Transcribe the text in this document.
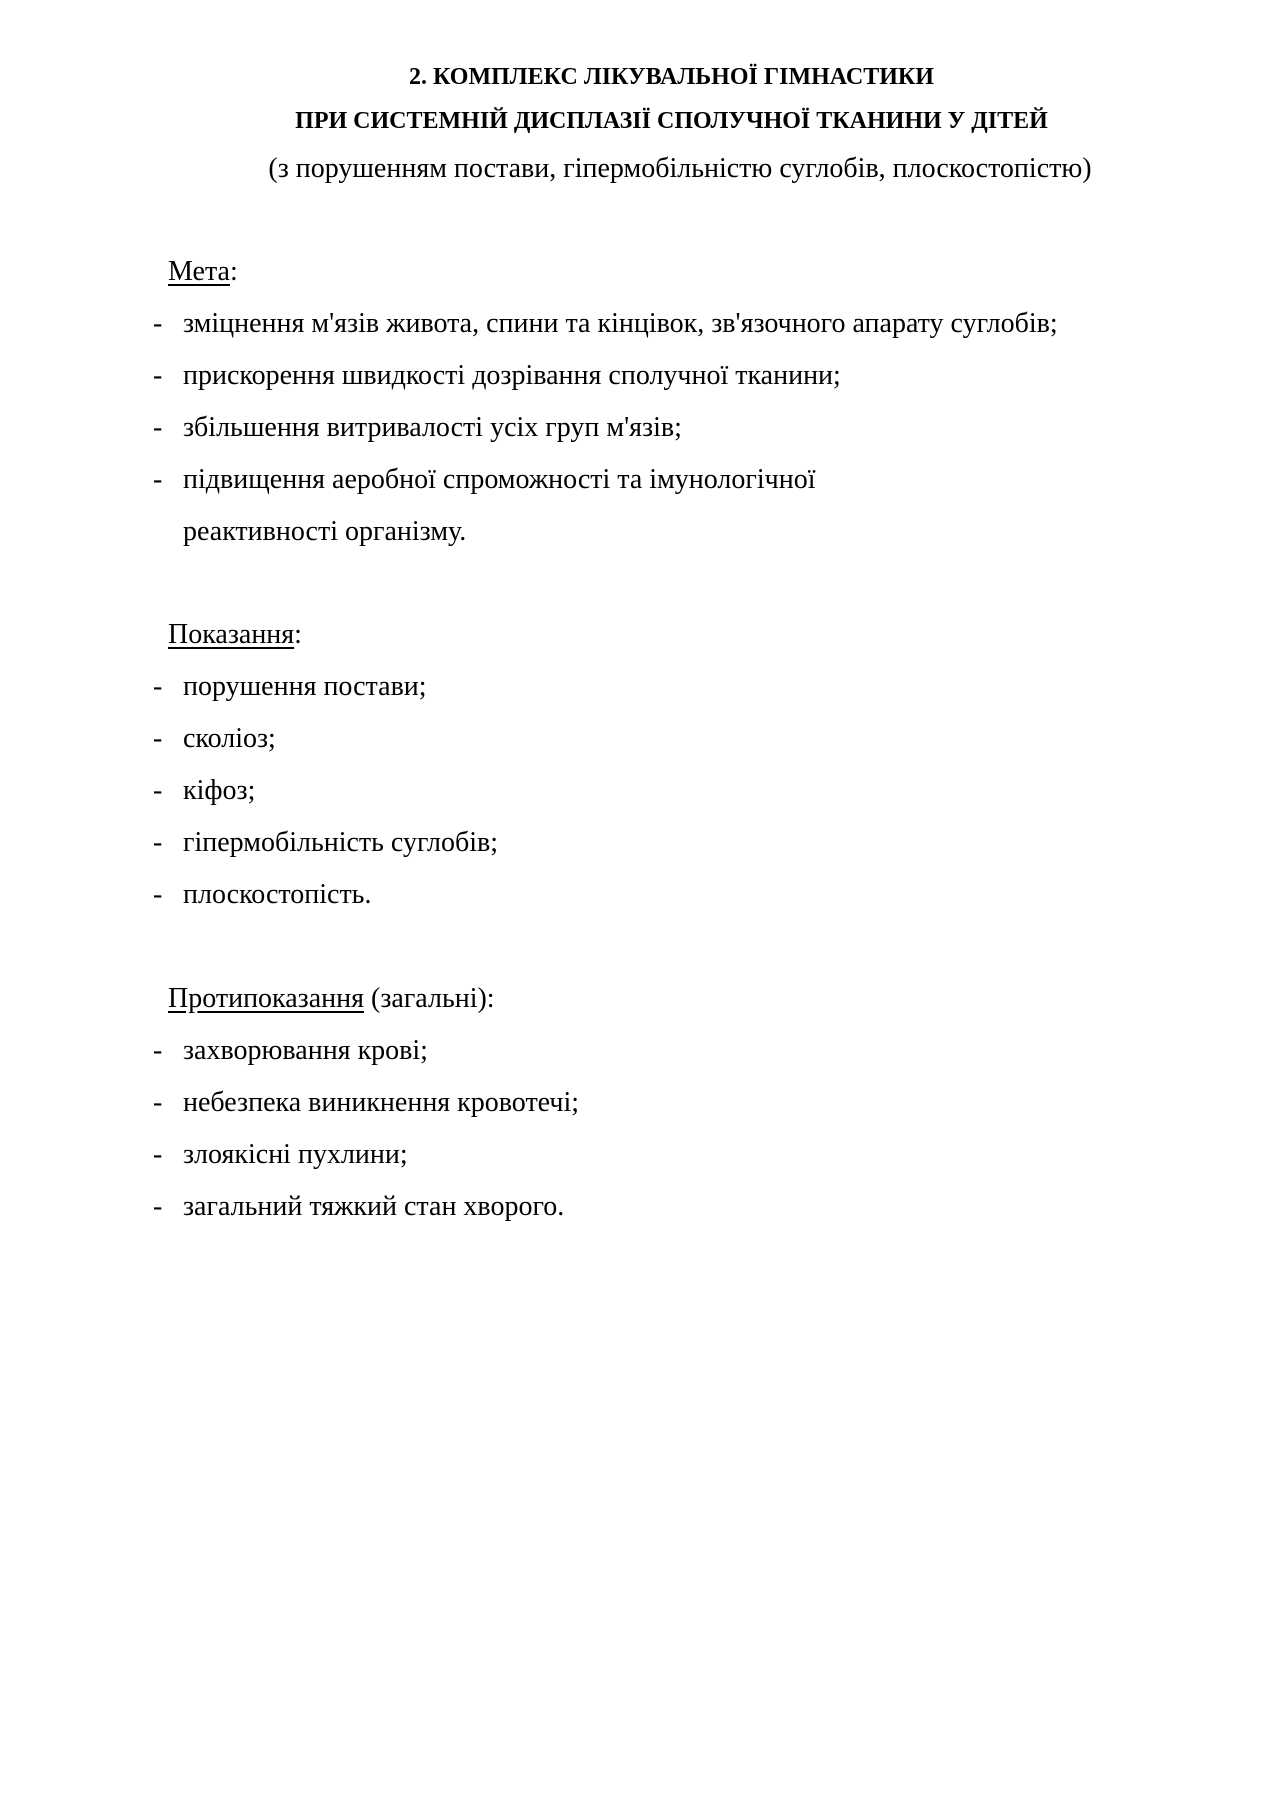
2. КОМПЛЕКС ЛІКУВАЛЬНОЇ ГІМНАСТИКИ
ПРИ СИСТЕМНІЙ ДИСПЛАЗІЇ СПОЛУЧНОЇ ТКАНИНИ У ДІТЕЙ
(з порушенням постави, гіпермобільністю суглобів, плоскостопістю)
Мета:
- зміцнення м'язів живота, спини та кінцівок, зв'язочного апарату суглобів;
- прискорення швидкості дозрівання сполучної тканини;
- збільшення витривалості усіх груп м'язів;
- підвищення аеробної спроможності та імунологічної
реактивності організму.
Показання:
- порушення постави;
- сколіоз;
- кіфоз;
- гіпермобільність суглобів;
- плоскостопість.
Протипоказання (загальні):
- захворювання крові;
- небезпека виникнення кровотечі;
- злоякісні пухлини;
- загальний тяжкий стан хворого.
